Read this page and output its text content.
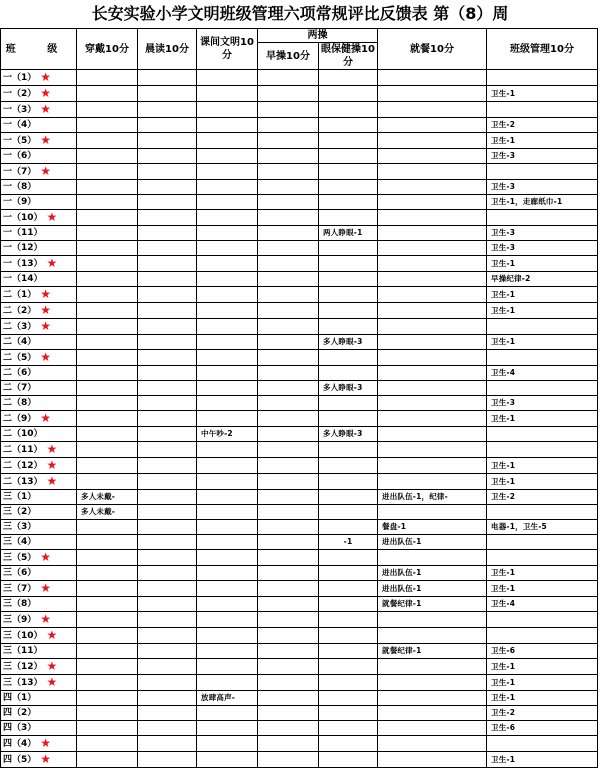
长安实验小学文明班级管理六项常规评比反馈表 第（8）周
班 级	穿戴10分	晨读10分	课间文明10分	两操		就餐10分	班级管理10分
				早操10分	眼保健操10分		
一（1） ★							
一（2） ★							卫生-1
一（3） ★							
一（4）							卫生-2
一（5） ★							卫生-1
一（6）							卫生-3
一（7） ★							
一（8）							卫生-3
一（9）							卫生-1，走廊纸巾-1
一（10） ★							
一（11）					两人睁眼-1		卫生-3
一（12）							卫生-3
一（13） ★							卫生-1
一（14）							早操纪律-2
二（1） ★							卫生-1
二（2） ★							卫生-1
二（3） ★							
二（4）					多人睁眼-3		卫生-1
二（5） ★							
二（6）							卫生-4
二（7）					多人睁眼-3		
二（8）							卫生-3
二（9） ★							卫生-1
二（10）			中午吵-2		多人睁眼-3		
二（11） ★							
二（12） ★							卫生-1
二（13） ★							卫生-1
三（1）	多人未戴-					进出队伍-1，纪律-	卫生-2
三（2）	多人未戴-						
三（3）						餐盘-1	电器-1，卫生-5
三（4）					-1	进出队伍-1	
三（5） ★							
三（6）						进出队伍-1	卫生-1
三（7） ★						进出队伍-1	卫生-1
三（8）						就餐纪律-1	卫生-4
三（9） ★							
三（10） ★							
三（11）						就餐纪律-1	卫生-6
三（12） ★							卫生-1
三（13） ★							卫生-1
四（1）			放肆高声-				卫生-1
四（2）							卫生-2
四（3）							卫生-6
四（4） ★							
四（5） ★							卫生-1
